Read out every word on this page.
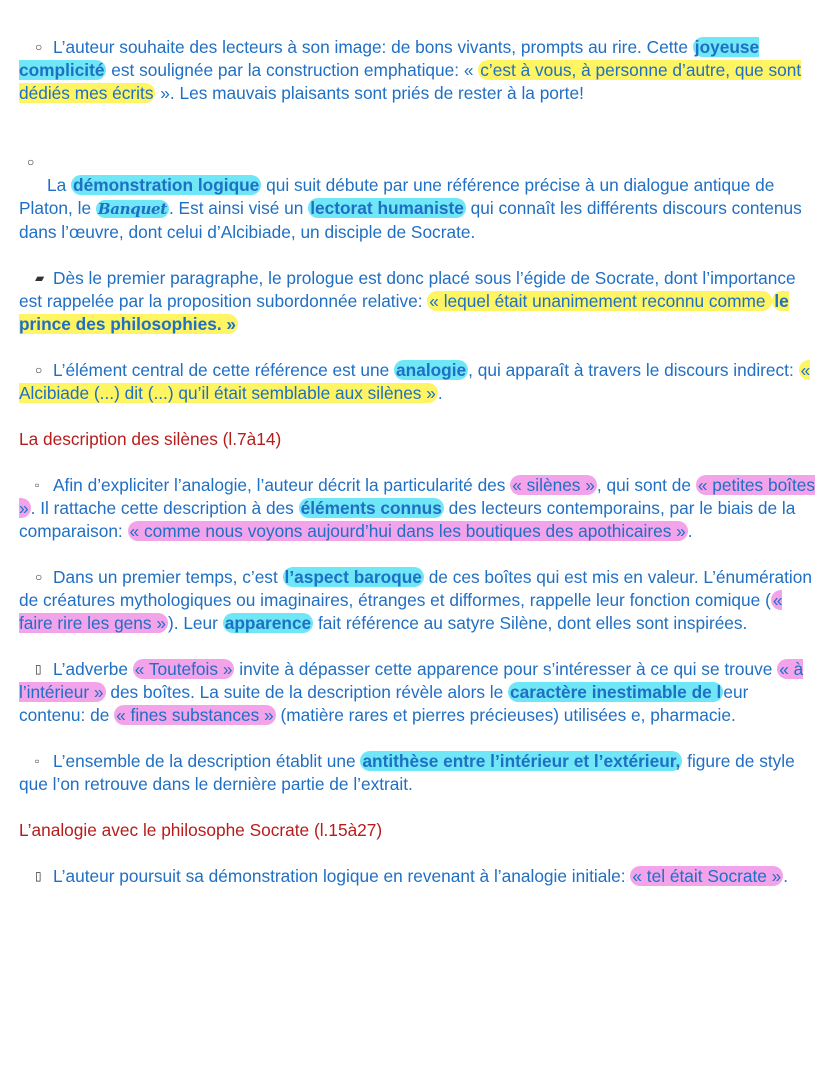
○ L’auteur souhaite des lecteurs à son image: de bons vivants, prompts au rire. Cette joyeuse complicité est soulignée par la construction emphatique: « c’est à vous, à personne d’autre, que sont dédiés mes écrits ». Les mauvais plaisants sont priés de rester à la porte!

○
La démonstration logique qui suit débute par une référence précise à un dialogue antique de Platon, le Banquet . Est ainsi visé un lectorat humaniste qui connaît les différents discours contenus dans l’œuvre, dont celui d’Alcibiade, un disciple de Socrate.

▰ Dès le premier paragraphe, le prologue est donc placé sous l’égide de Socrate, dont l’importance est rappelée par la proposition subordonnée relative: « lequel était unanimement reconnu comme le prince des philosophies. »

○ L’élément central de cette référence est une analogie , qui apparaît à travers le discours indirect: « Alcibiade (...) dit (...) qu’il était semblable aux silènes » .

La description des silènes (l.7à14)

▫ Afin d’expliciter l’analogie, l’auteur décrit la particularité des « silènes » , qui sont de « petites boîtes » . Il rattache cette description à des éléments connus des lecteurs contemporains, par le biais de la comparaison: « comme nous voyons aujourd’hui dans les boutiques des apothicaires » .

○ Dans un premier temps, c’est l’aspect baroque de ces boîtes qui est mis en valeur. L’énumération de créatures mythologiques ou imaginaires, étranges et difformes, rappelle leur fonction comique ( « faire rire les gens » ). Leur apparence fait référence au satyre Silène, dont elles sont inspirées.

▯ L’adverbe « Toutefois » invite à dépasser cette apparence pour s’intéresser à ce qui se trouve « à l’intérieur » des boîtes. La suite de la description révèle alors le caractère inestimable de l eur contenu: de « fines substances » (matière rares et pierres précieuses) utilisées e, pharmacie.

▫ L’ensemble de la description établit une antithèse entre l’intérieur et l’extérieur, figure de style que l’on retrouve dans le dernière partie de l’extrait.

L’analogie avec le philosophe Socrate (l.15à27)

▯ L’auteur poursuit sa démonstration logique en revenant à l’analogie initiale: « tel était Socrate » .
